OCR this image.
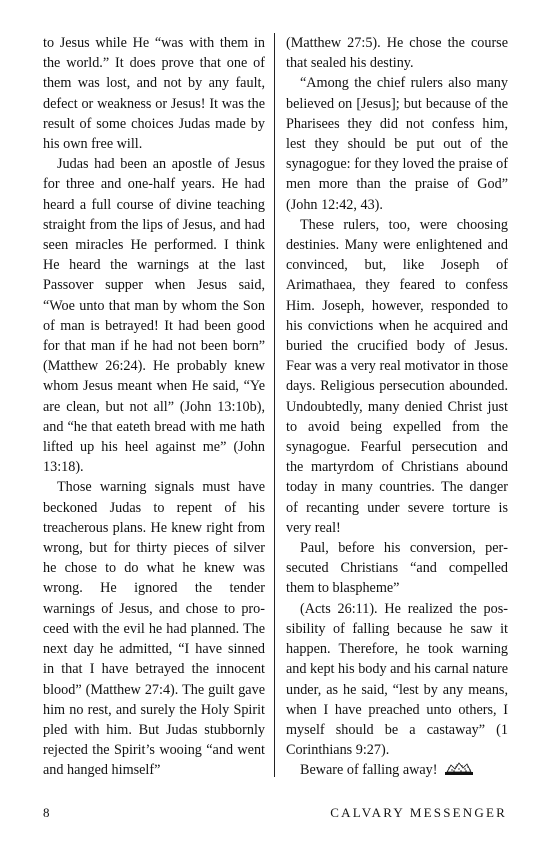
to Jesus while He “was with them in the world.” It does prove that one of them was lost, and not by any fault, defect or weakness or Jesus! It was the result of some choices Judas made by his own free will.

Judas had been an apostle of Jesus for three and one-half years. He had heard a full course of divine teaching straight from the lips of Jesus, and had seen miracles He performed. I think He heard the warnings at the last Passover supper when Jesus said, “Woe unto that man by whom the Son of man is betrayed! It had been good for that man if he had not been born” (Matthew 26:24). He probably knew whom Jesus meant when He said, “Ye are clean, but not all” (John 13:10b), and “he that eateth bread with me hath lifted up his heel against me” (John 13:18).

Those warning signals must have beckoned Judas to repent of his treacherous plans. He knew right from wrong, but for thirty pieces of silver he chose to do what he knew was wrong. He ignored the tender warnings of Jesus, and chose to proceed with the evil he had planned. The next day he admitted, “I have sinned in that I have betrayed the innocent blood” (Matthew 27:4). The guilt gave him no rest, and surely the Holy Spirit pled with him. But Judas stubbornly rejected the Spirit’s wooing “and went and hanged himself”

(Matthew 27:5). He chose the course that sealed his destiny.

“Among the chief rulers also many believed on [Jesus]; but because of the Pharisees they did not confess him, lest they should be put out of the synagogue: for they loved the praise of men more than the praise of God” (John 12:42, 43).

These rulers, too, were choosing destinies. Many were enlightened and convinced, but, like Joseph of Arimathaea, they feared to confess Him. Joseph, however, responded to his convictions when he acquired and buried the crucified body of Jesus. Fear was a very real motivator in those days. Religious persecution abounded. Undoubtedly, many denied Christ just to avoid being expelled from the synagogue. Fearful persecution and the martyrdom of Christians abound today in many countries. The danger of recanting under severe torture is very real!

Paul, before his conversion, persecuted Christians “and compelled them to blaspheme”

(Acts 26:11). He realized the possibility of falling because he saw it happen. Therefore, he took warning and kept his body and his carnal nature under, as he said, “lest by any means, when I have preached unto others, I myself should be a castaway” (1 Corinthians 9:27).

Beware of falling away!

8	CALVARY MESSENGER
